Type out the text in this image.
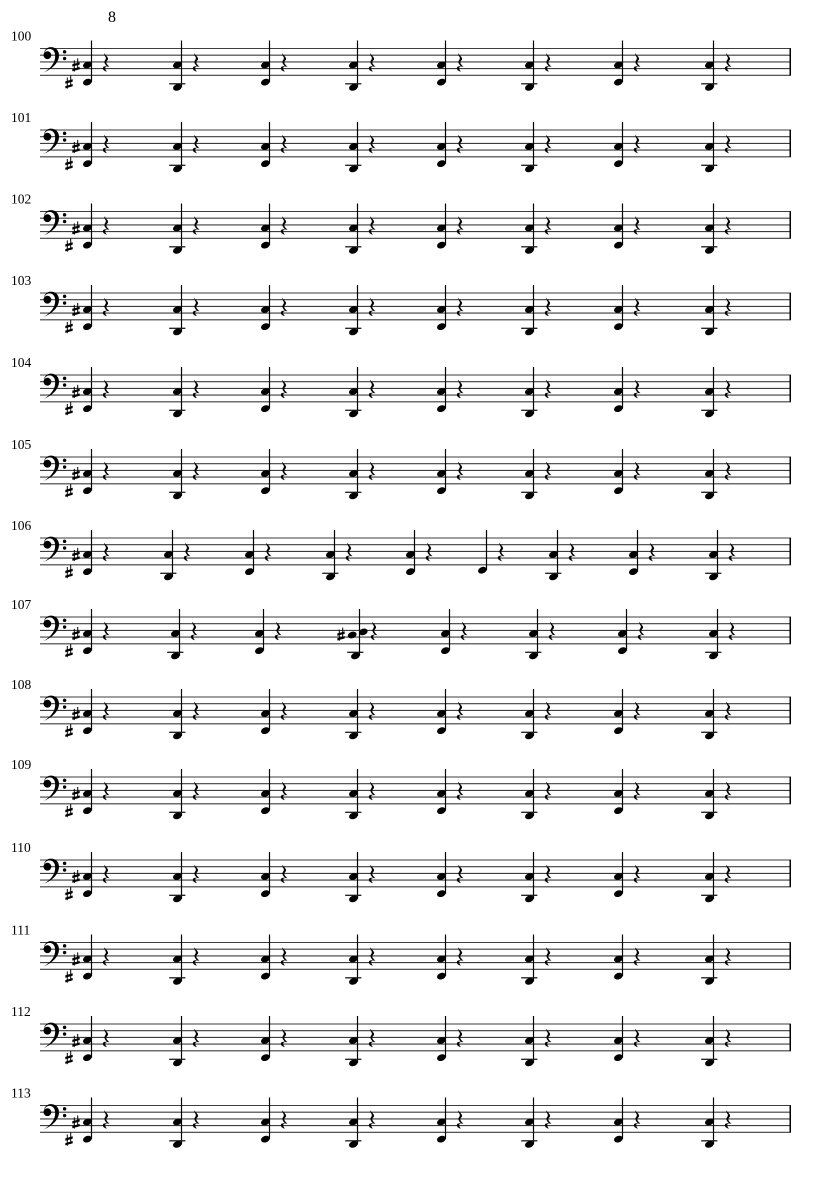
8
100
101
102
103
104
105
106
107
108
109
110
111
112
113
